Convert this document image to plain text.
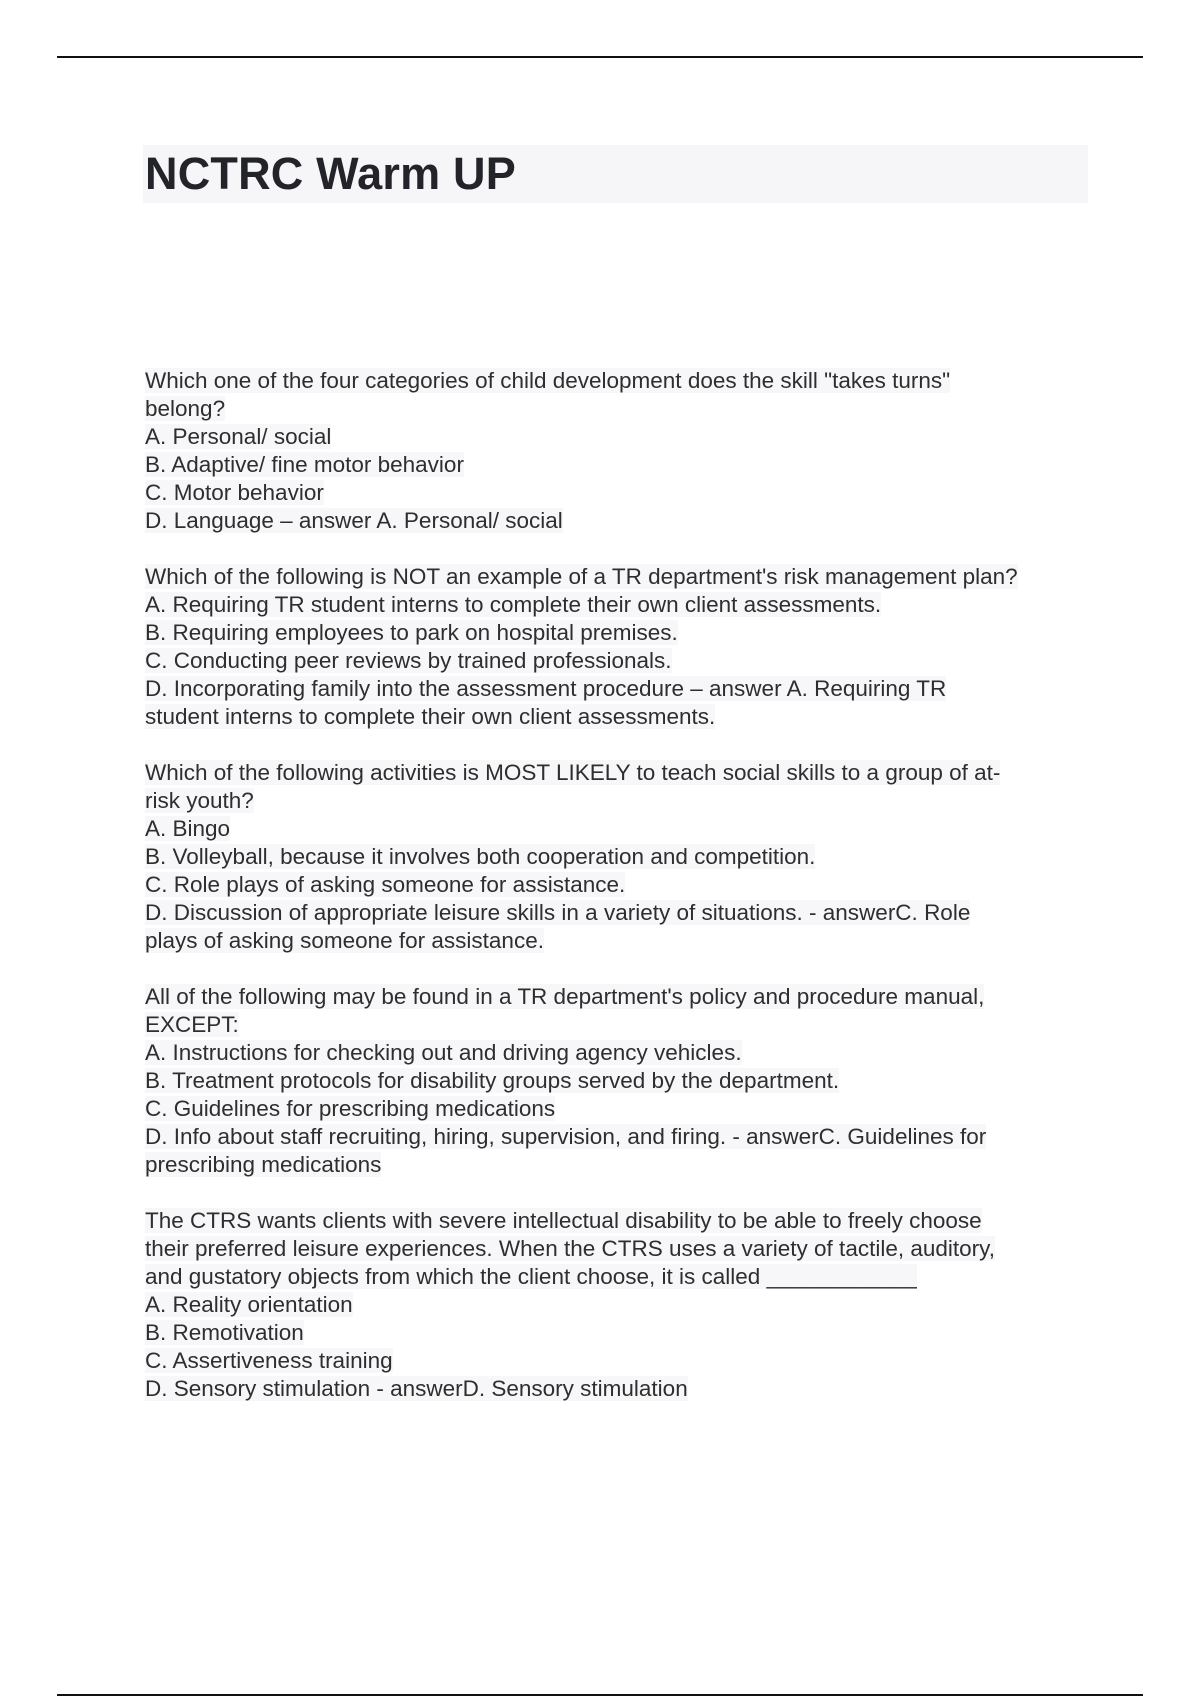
NCTRC Warm UP
Which one of the four categories of child development does the skill "takes turns"
belong?
A. Personal/ social
B. Adaptive/ fine motor behavior
C. Motor behavior
D. Language – answer A. Personal/ social
Which of the following is NOT an example of a TR department's risk management plan?
A. Requiring TR student interns to complete their own client assessments.
B. Requiring employees to park on hospital premises.
C. Conducting peer reviews by trained professionals.
D. Incorporating family into the assessment procedure – answer A. Requiring TR
student interns to complete their own client assessments.
Which of the following activities is MOST LIKELY to teach social skills to a group of at-
risk youth?
A. Bingo
B. Volleyball, because it involves both cooperation and competition.
C. Role plays of asking someone for assistance.
D. Discussion of appropriate leisure skills in a variety of situations. - answerC. Role
plays of asking someone for assistance.
All of the following may be found in a TR department's policy and procedure manual,
EXCEPT:
A. Instructions for checking out and driving agency vehicles.
B. Treatment protocols for disability groups served by the department.
C. Guidelines for prescribing medications
D. Info about staff recruiting, hiring, supervision, and firing. - answerC. Guidelines for
prescribing medications
The CTRS wants clients with severe intellectual disability to be able to freely choose
their preferred leisure experiences. When the CTRS uses a variety of tactile, auditory,
and gustatory objects from which the client choose, it is called ____________
A. Reality orientation
B. Remotivation
C. Assertiveness training
D. Sensory stimulation - answerD. Sensory stimulation
